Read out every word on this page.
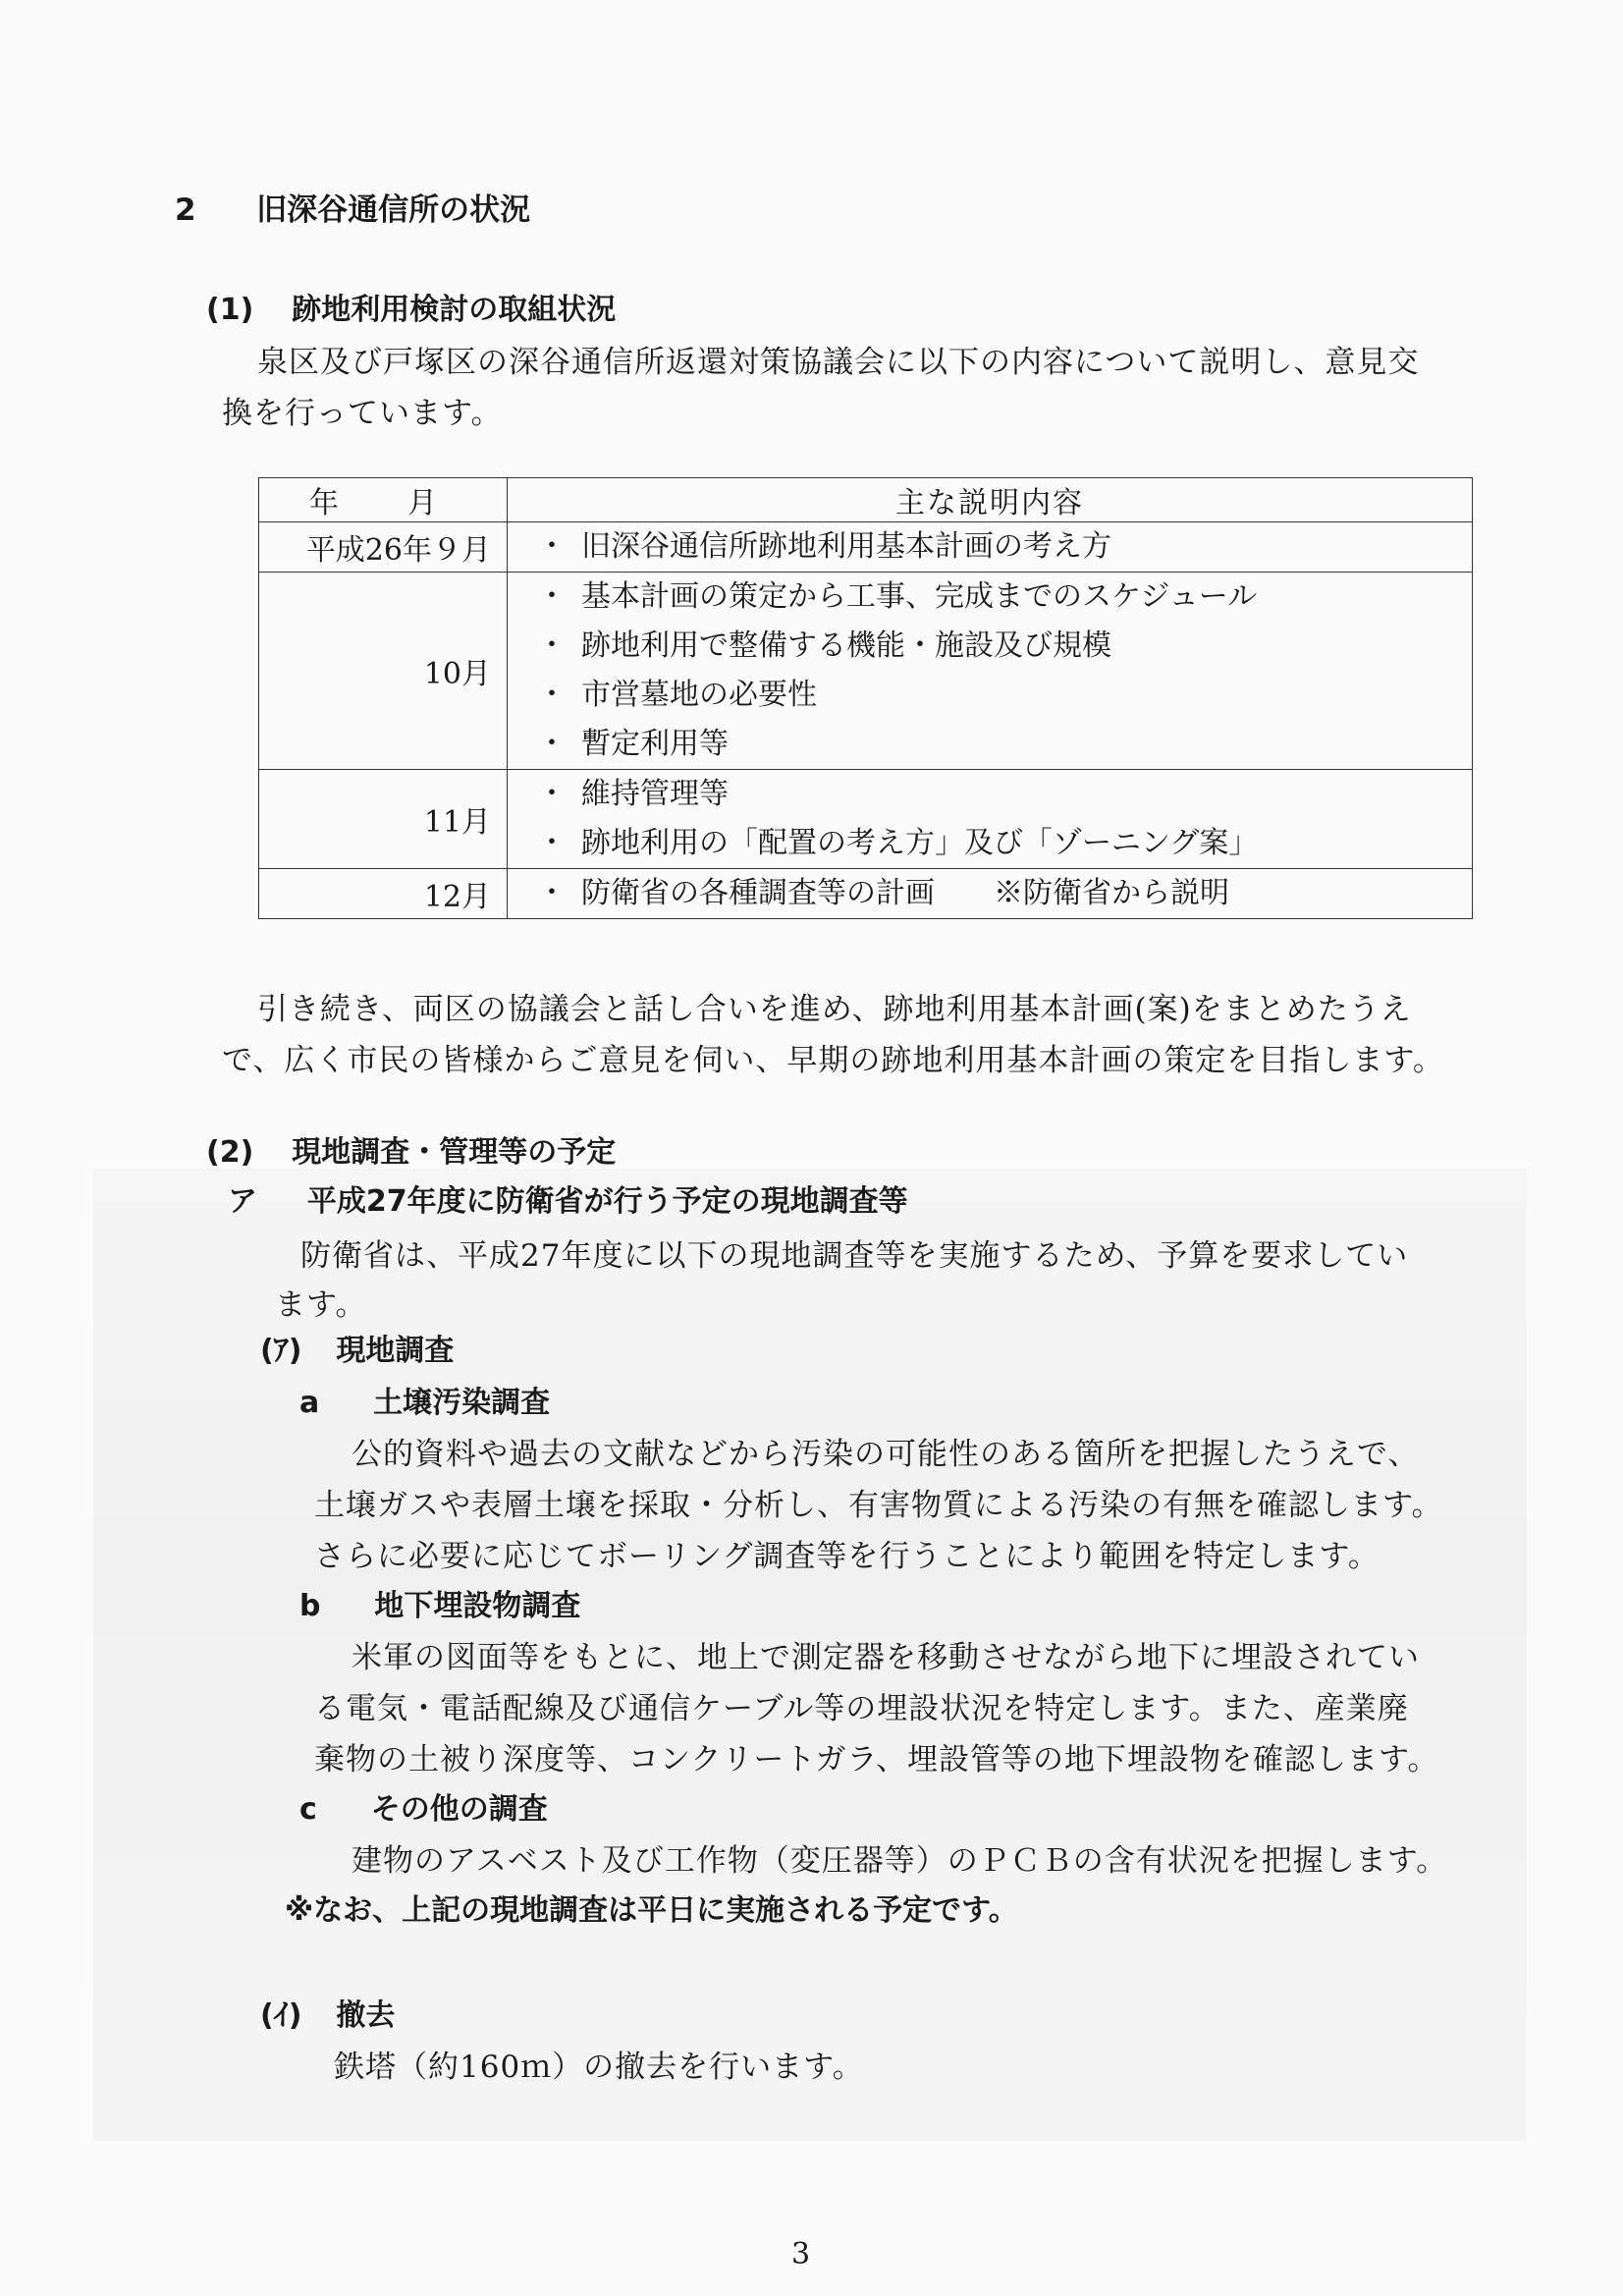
2 旧深谷通信所の状況
(1) 跡地利用検討の取組状況
泉区及び戸塚区の深谷通信所返還対策協議会に以下の内容について説明し、意見交
換を行っています。
年　月	主な説明内容
平成26年９月	・ 旧深谷通信所跡地利用基本計画の考え方

10月	・ 基本計画の策定から工事、完成までのスケジュール
・ 跡地利用で整備する機能・施設及び規模
・ 市営墓地の必要性
・ 暫定利用等

11月	・ 維持管理等
・ 跡地利用の「配置の考え方」及び「ゾーニング案」

12月	・ 防衛省の各種調査等の計画　　※防衛省から説明
引き続き、両区の協議会と話し合いを進め、跡地利用基本計画(案)をまとめたうえ
で、広く市民の皆様からご意見を伺い、早期の跡地利用基本計画の策定を目指します。
(2) 現地調査・管理等の予定
ア 平成27年度に防衛省が行う予定の現地調査等
防衛省は、平成27年度に以下の現地調査等を実施するため、予算を要求してい
ます。
(ｱ) 現地調査
a 土壌汚染調査
公的資料や過去の文献などから汚染の可能性のある箇所を把握したうえで、
土壌ガスや表層土壌を採取・分析し、有害物質による汚染の有無を確認します。
さらに必要に応じてボーリング調査等を行うことにより範囲を特定します。
b 地下埋設物調査
米軍の図面等をもとに、地上で測定器を移動させながら地下に埋設されてい
る電気・電話配線及び通信ケーブル等の埋設状況を特定します。また、産業廃
棄物の土被り深度等、コンクリートガラ、埋設管等の地下埋設物を確認します。
c その他の調査
建物のアスベスト及び工作物（変圧器等）のＰＣＢの含有状況を把握します。
※なお、上記の現地調査は平日に実施される予定です。
(ｲ) 撤去
鉄塔（約160ｍ）の撤去を行います。
3
